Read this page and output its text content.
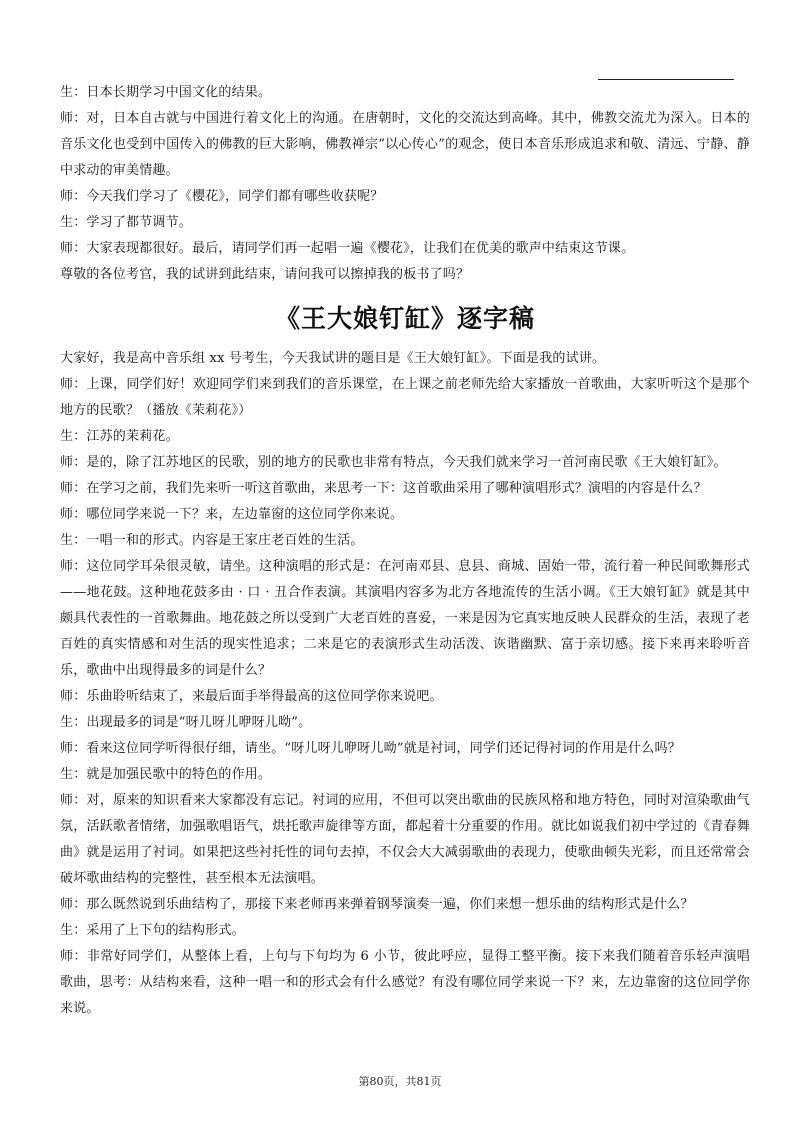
生：日本长期学习中国文化的结果。

师：对，日本自古就与中国进行着文化上的沟通。在唐朝时，文化的交流达到高峰。其中，佛教交流尤为深入。日本的音乐文化也受到中国传入的佛教的巨大影响，佛教禅宗“以心传心”的观念，使日本音乐形成追求和敬、清远、宁静、静中求动的审美情趣。

师：今天我们学习了《樱花》，同学们都有哪些收获呢？

生：学习了都节调节。

师：大家表现都很好。最后，请同学们再一起唱一遍《樱花》，让我们在优美的歌声中结束这节课。

尊敬的各位考官，我的试讲到此结束，请问我可以擦掉我的板书了吗？

《王大娘钉缸》逐字稿

大家好，我是高中音乐组 xx 号考生，今天我试讲的题目是《王大娘钉缸》。下面是我的试讲。

师：上课，同学们好！欢迎同学们来到我们的音乐课堂，在上课之前老师先给大家播放一首歌曲，大家听听这个是那个地方的民歌？（播放《茉莉花》）

生：江苏的茉莉花。

师：是的，除了江苏地区的民歌，别的地方的民歌也非常有特点，今天我们就来学习一首河南民歌《王大娘钉缸》。

师：在学习之前，我们先来听一听这首歌曲，来思考一下：这首歌曲采用了哪种演唱形式？演唱的内容是什么？

师：哪位同学来说一下？来，左边靠窗的这位同学你来说。

生：一唱一和的形式。内容是王家庄老百姓的生活。

师：这位同学耳朵很灵敏，请坐。这种演唱的形式是：在河南邓县、息县、商城、固始一带，流行着一种民间歌舞形式——地花鼓。这种地花鼓多由 · 口 · 丑合作表演。其演唱内容多为北方各地流传的生活小调。《王大娘钉缸》就是其中颇具代表性的一首歌舞曲。地花鼓之所以受到广大老百姓的喜爱，一来是因为它真实地反映人民群众的生活，表现了老百姓的真实情感和对生活的现实性追求；二来是它的表演形式生动活泼、诙谐幽默、富于亲切感。接下来再来聆听音乐，歌曲中出现得最多的词是什么？

师：乐曲聆听结束了，来最后面手举得最高的这位同学你来说吧。

生：出现最多的词是“呀儿呀儿咿呀儿呦”。

师：看来这位同学听得很仔细，请坐。“呀儿呀儿咿呀儿呦”就是衬词，同学们还记得衬词的作用是什么吗？

生：就是加强民歌中的特色的作用。

师：对，原来的知识看来大家都没有忘记。衬词的应用，不但可以突出歌曲的民族风格和地方特色，同时对渲染歌曲气氛，活跃歌者情绪，加强歌唱语气，烘托歌声旋律等方面，都起着十分重要的作用。就比如说我们初中学过的《青春舞曲》就是运用了衬词。如果把这些衬托性的词句去掉，不仅会大大减弱歌曲的表现力，使歌曲顿失光彩，而且还常常会破坏歌曲结构的完整性，甚至根本无法演唱。

师：那么既然说到乐曲结构了，那接下来老师再来弹着钢琴演奏一遍，你们来想一想乐曲的结构形式是什么？

生：采用了上下句的结构形式。

师：非常好同学们，从整体上看，上句与下句均为 6 小节，彼此呼应，显得工整平衡。接下来我们随着音乐轻声演唱歌曲，思考：从结构来看，这种一唱一和的形式会有什么感觉？有没有哪位同学来说一下？来，左边靠窗的这位同学你来说。

第80页，共81页
